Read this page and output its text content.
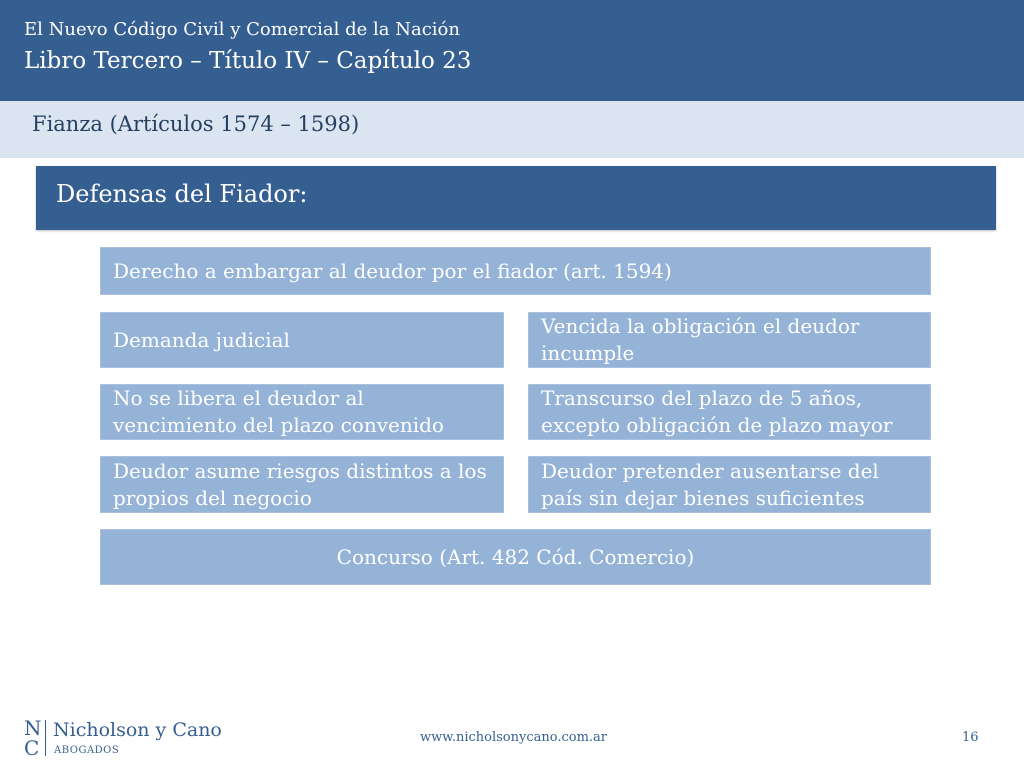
El Nuevo Código Civil y Comercial de la Nación
Libro Tercero – Título IV – Capítulo 23
Fianza (Artículos 1574 – 1598)
Defensas del Fiador:
Derecho a embargar al deudor por el fiador (art. 1594)
Demanda judicial
Vencida la obligación el deudor incumple
No se libera el deudor al vencimiento del plazo convenido
Transcurso del plazo de 5 años, excepto obligación de plazo mayor
Deudor asume riesgos distintos a los propios del negocio
Deudor pretender ausentarse del país sin dejar bienes suficientes
Concurso (Art. 482 Cód. Comercio)
N
C
Nicholson y Cano
ABOGADOS
www.nicholsonycano.com.ar	16
